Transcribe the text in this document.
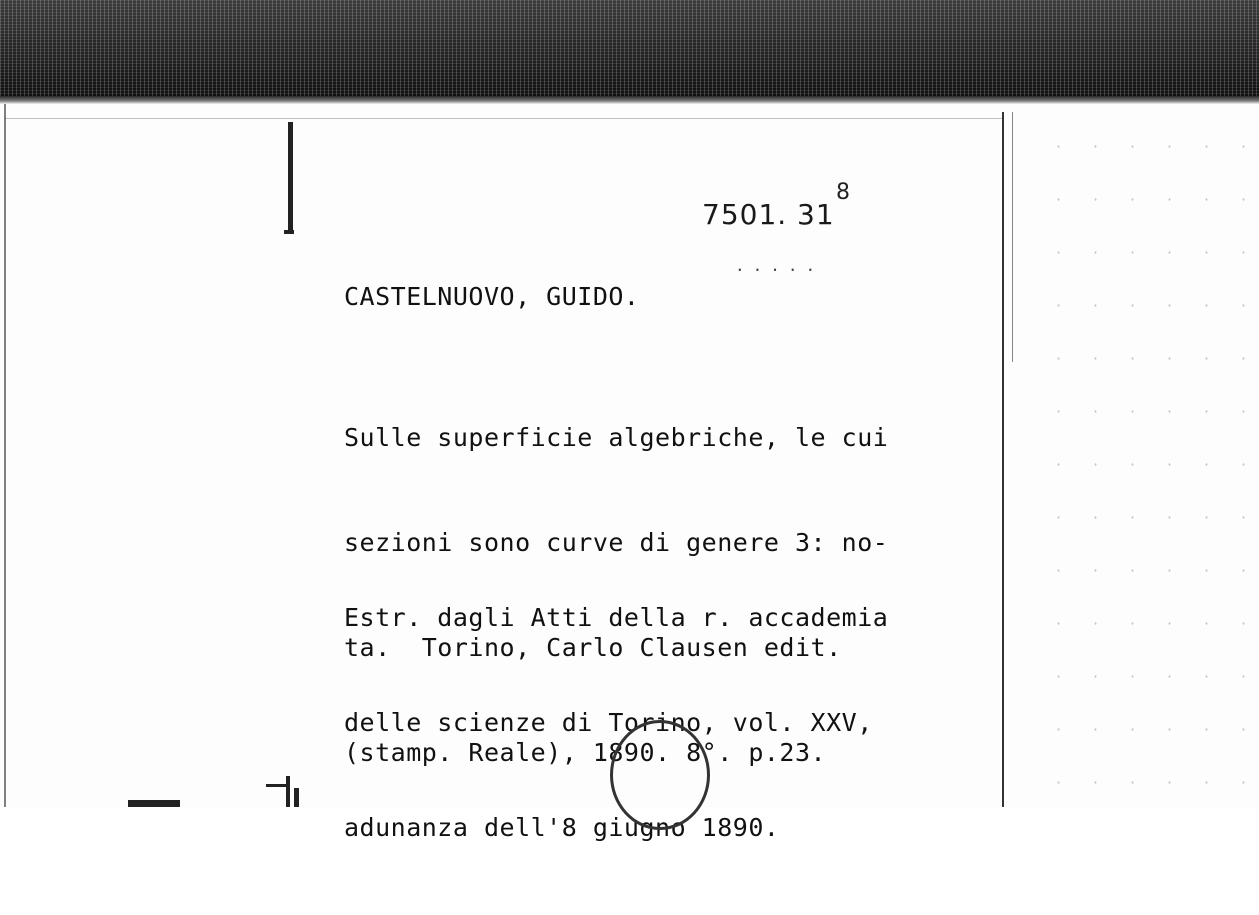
7501. 31
8
.....
CASTELNUOVO, GUIDO.

Sulle superficie algebriche, le cui

sezioni sono curve di genere 3: no-

ta.  Torino, Carlo Clausen edit.

(stamp. Reale), 1890. 8°. p.23.

Estr. dagli Atti della r. accademia

delle scienze di Torino, vol. XXV,

adunanza dell'8 giugno 1890.
